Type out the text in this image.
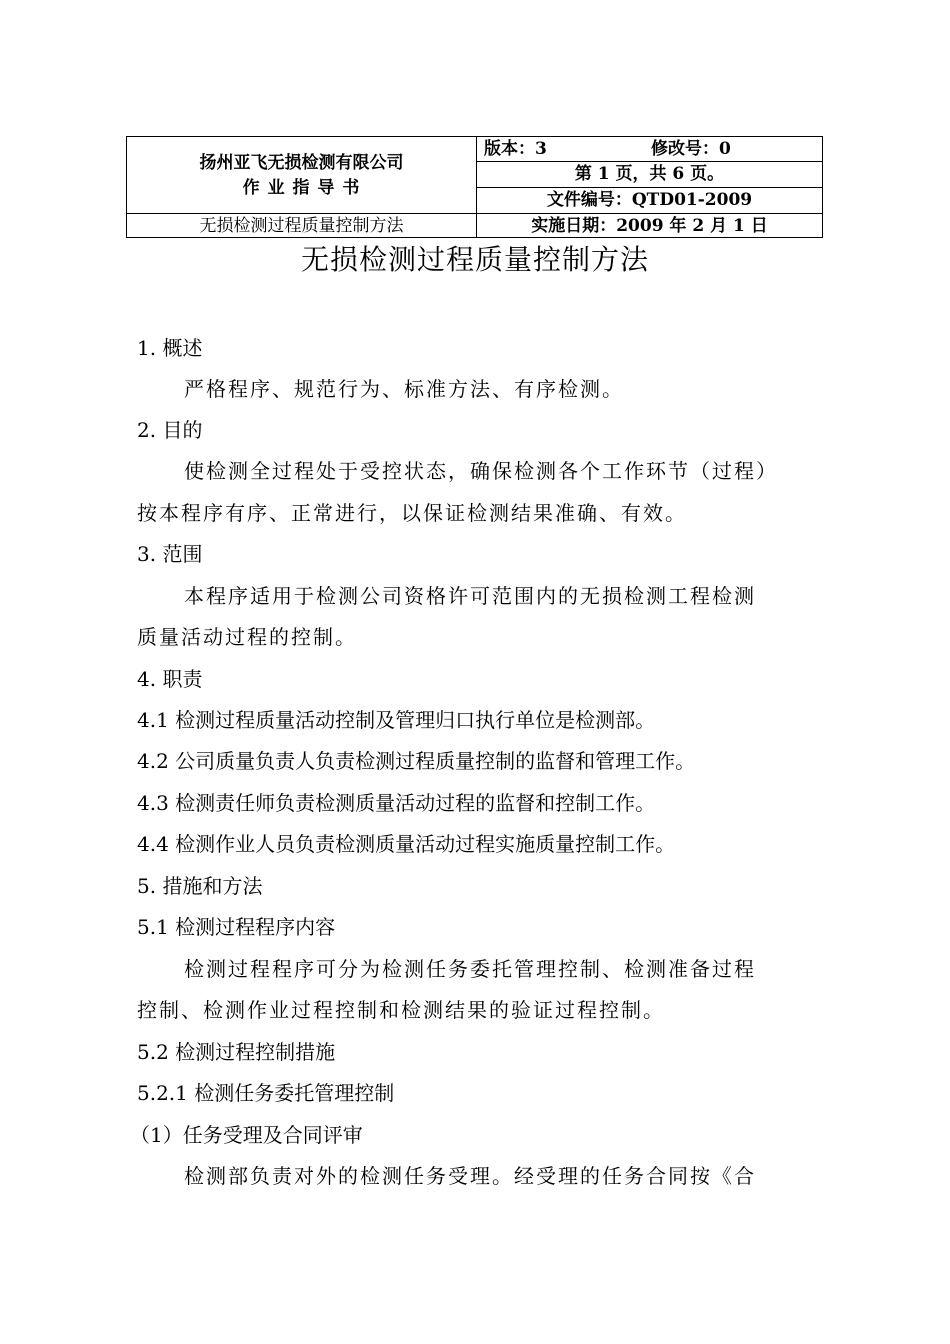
扬州亚飞无损检测有限公司
作 业 指 导 书
无损检测过程质量控制方法
版本：3	修改号：0
第 1 页，共 6 页。
文件编号：QTD01-2009
实施日期：2009 年 2 月 1 日
无损检测过程质量控制方法
1. 概述
严格程序、规范行为、标准方法、有序检测。
2. 目的
使检测全过程处于受控状态，确保检测各个工作环节（过程）
按本程序有序、正常进行，以保证检测结果准确、有效。
3. 范围
本程序适用于检测公司资格许可范围内的无损检测工程检测
质量活动过程的控制。
4. 职责
4.1 检测过程质量活动控制及管理归口执行单位是检测部。
4.2 公司质量负责人负责检测过程质量控制的监督和管理工作。
4.3 检测责任师负责检测质量活动过程的监督和控制工作。
4.4 检测作业人员负责检测质量活动过程实施质量控制工作。
5. 措施和方法
5.1 检测过程程序内容
检测过程程序可分为检测任务委托管理控制、检测准备过程
控制、检测作业过程控制和检测结果的验证过程控制。
5.2 检测过程控制措施
5.2.1 检测任务委托管理控制
（1）任务受理及合同评审
检测部负责对外的检测任务受理。经受理的任务合同按《合
